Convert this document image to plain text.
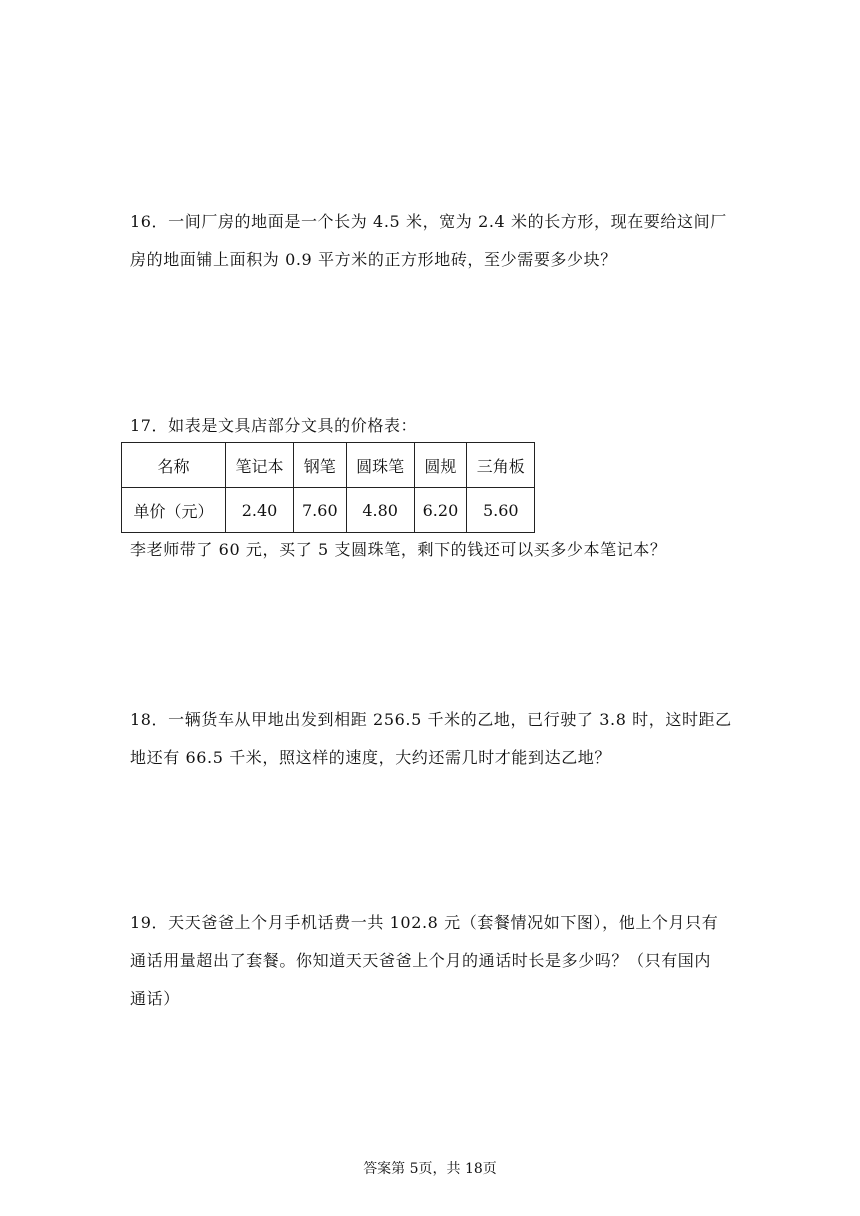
16．一间厂房的地面是一个长为 4.5 米，宽为 2.4 米的长方形，现在要给这间厂
房的地面铺上面积为 0.9 平方米的正方形地砖，至少需要多少块？
17．如表是文具店部分文具的价格表：
名称	笔记本	钢笔	圆珠笔	圆规	三角板
单价（元）	2.40	7.60	4.80	6.20	5.60
李老师带了 60 元，买了 5 支圆珠笔，剩下的钱还可以买多少本笔记本？
18．一辆货车从甲地出发到相距 256.5 千米的乙地，已行驶了 3.8 时，这时距乙
地还有 66.5 千米，照这样的速度，大约还需几时才能到达乙地？
19．天天爸爸上个月手机话费一共 102.8 元（套餐情况如下图），他上个月只有
通话用量超出了套餐。你知道天天爸爸上个月的通话时长是多少吗？（只有国内
通话）
答案第 5页，共 18页
